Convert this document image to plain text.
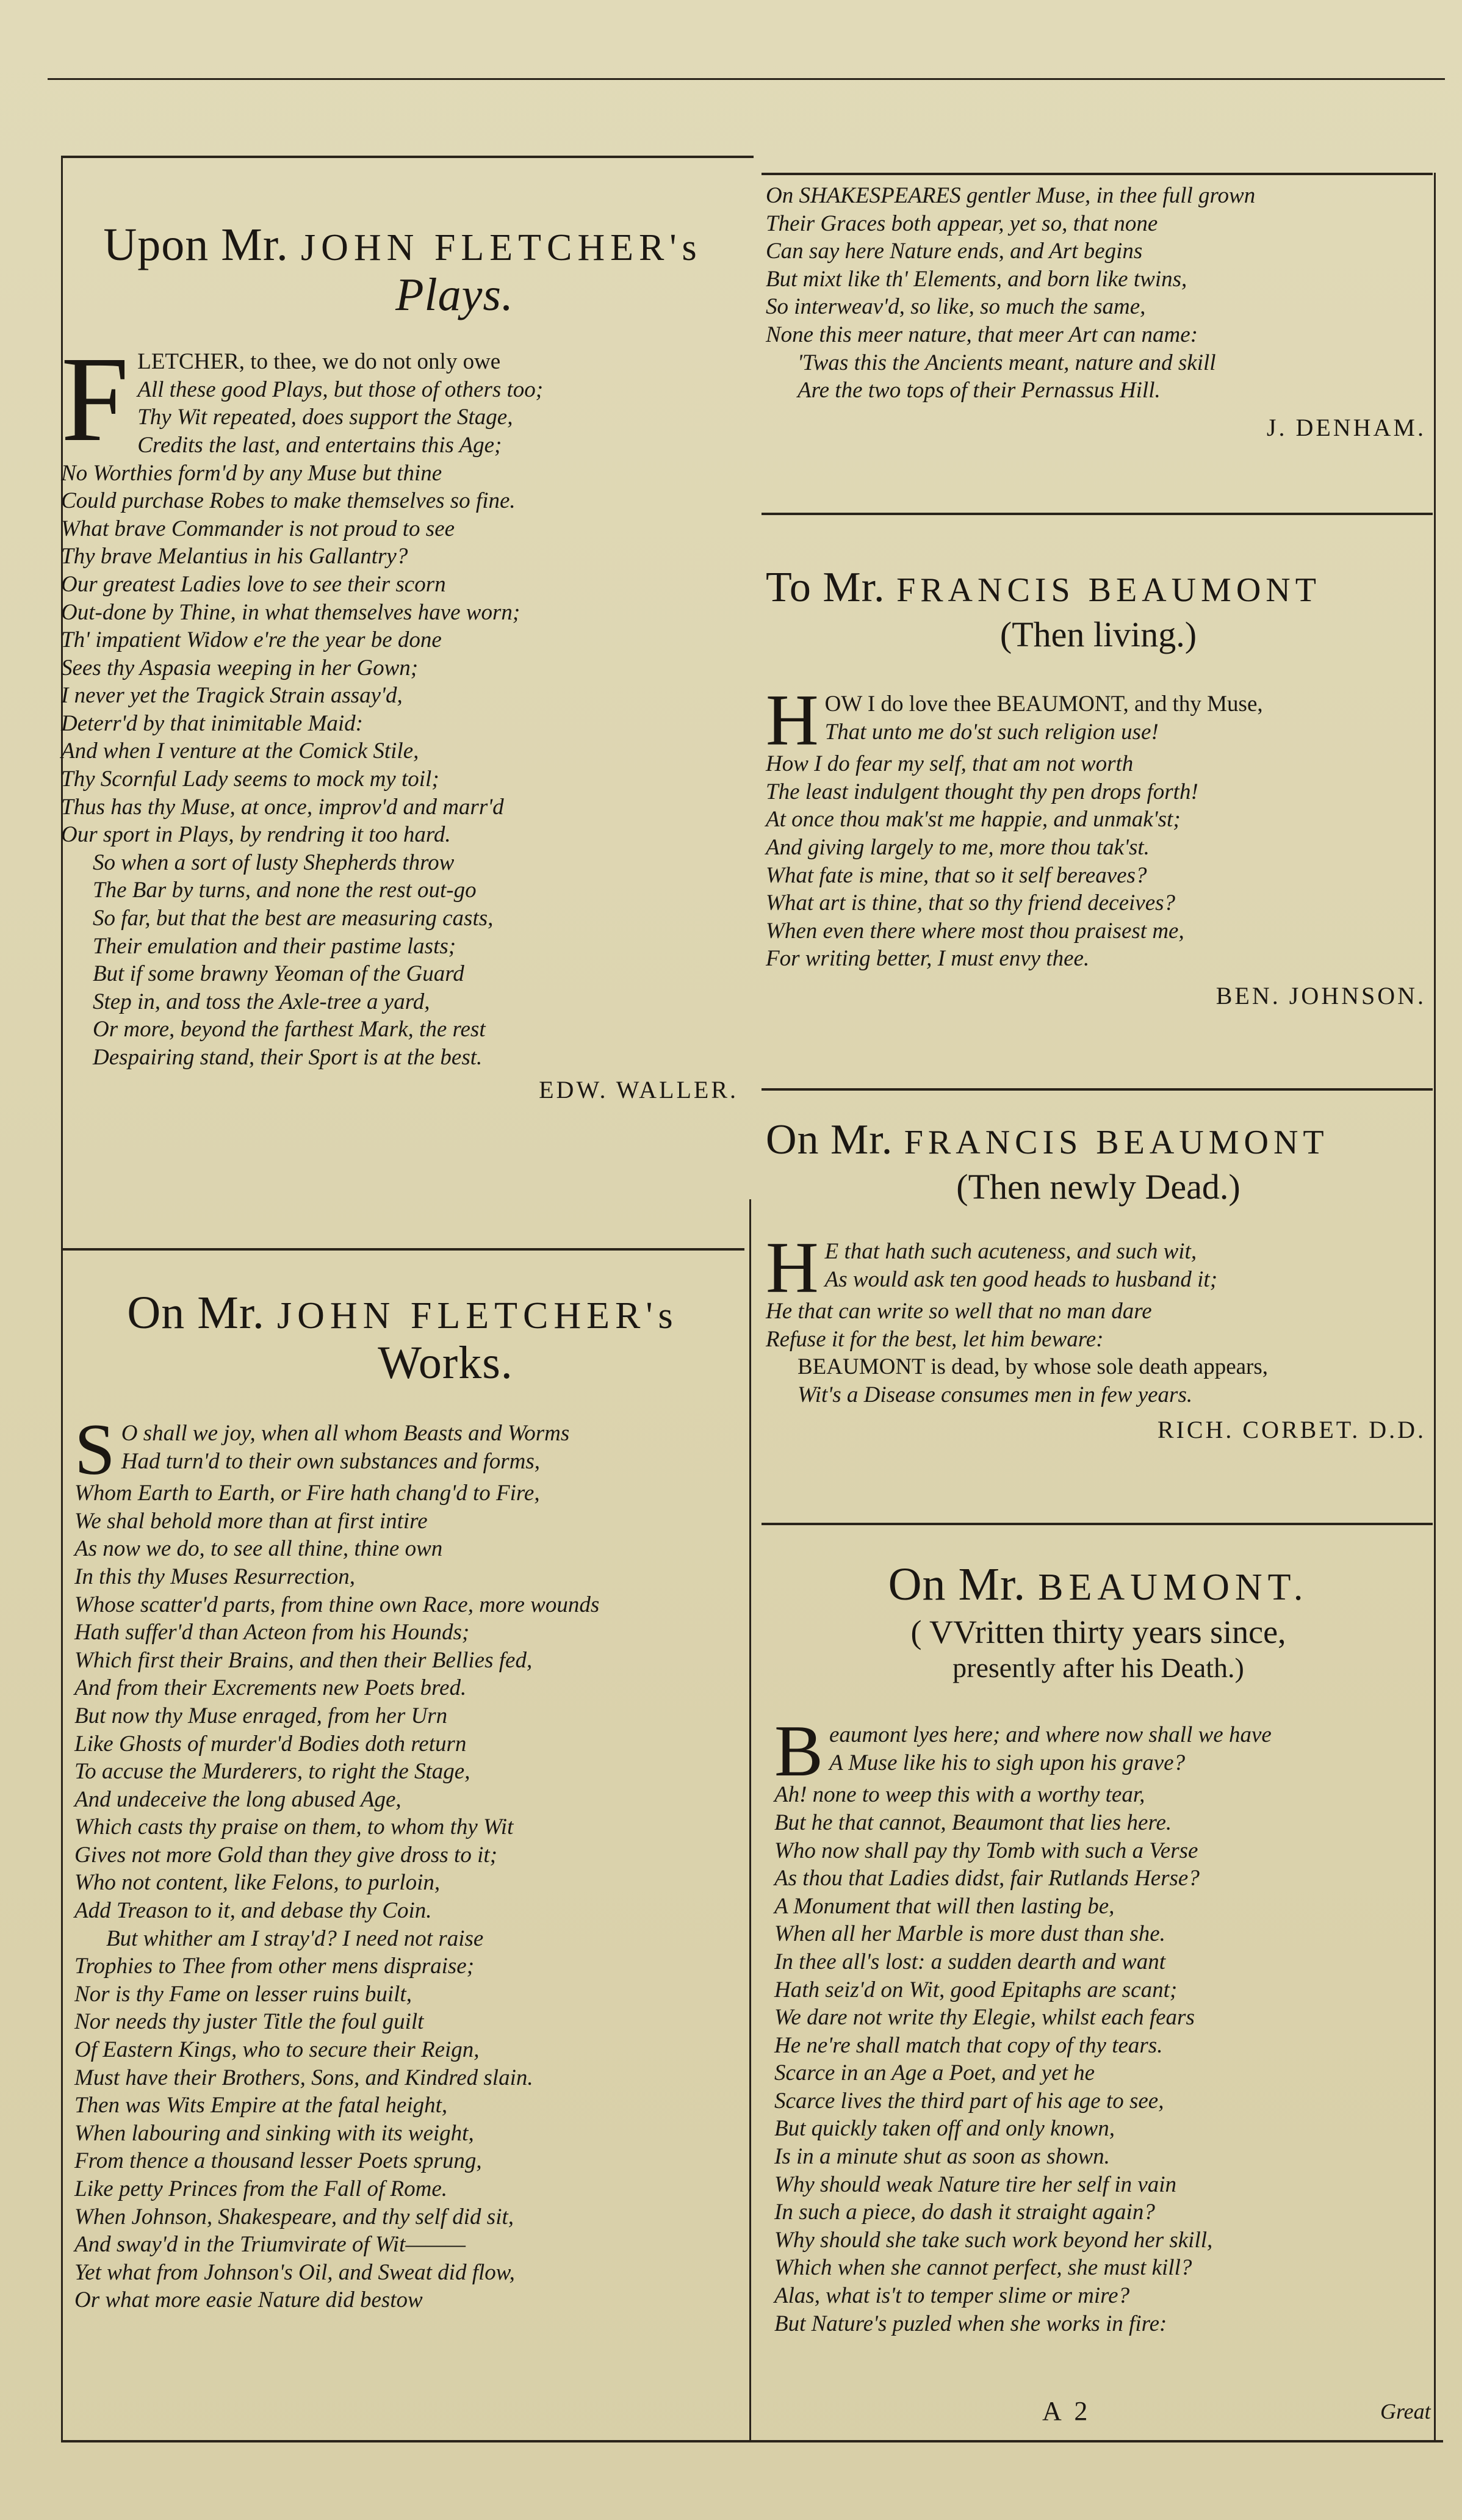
Upon Mr. JOHN FLETCHER's
Plays.
F LETCHER, to thee, we do not only owe
All these good Plays, but those of others too;
Thy Wit repeated, does support the Stage,
Credits the last, and entertains this Age;
No Worthies form'd by any Muse but thine
Could purchase Robes to make themselves so fine.
What brave Commander is not proud to see
Thy brave Melantius in his Gallantry?
Our greatest Ladies love to see their scorn
Out-done by Thine, in what themselves have worn;
Th' impatient Widow e're the year be done
Sees thy Aspasia weeping in her Gown;
I never yet the Tragick Strain assay'd,
Deterr'd by that inimitable Maid:
And when I venture at the Comick Stile,
Thy Scornful Lady seems to mock my toil;
Thus has thy Muse, at once, improv'd and marr'd
Our sport in Plays, by rendring it too hard.
So when a sort of lusty Shepherds throw
The Bar by turns, and none the rest out-go
So far, but that the best are measuring casts,
Their emulation and their pastime lasts;
But if some brawny Yeoman of the Guard
Step in, and toss the Axle-tree a yard,
Or more, beyond the farthest Mark, the rest
Despairing stand, their Sport is at the best.

EDW. WALLER.

On Mr. JOHN FLETCHER's
Works.
S O shall we joy, when all whom Beasts and Worms
Had turn'd to their own substances and forms,
Whom Earth to Earth, or Fire hath chang'd to Fire,
We shal behold more than at first intire
As now we do, to see all thine, thine own
In this thy Muses Resurrection,
Whose scatter'd parts, from thine own Race, more wounds
Hath suffer'd than Acteon from his Hounds;
Which first their Brains, and then their Bellies fed,
And from their Excrements new Poets bred.
But now thy Muse enraged, from her Urn
Like Ghosts of murder'd Bodies doth return
To accuse the Murderers, to right the Stage,
And undeceive the long abused Age,
Which casts thy praise on them, to whom thy Wit
Gives not more Gold than they give dross to it;
Who not content, like Felons, to purloin,
Add Treason to it, and debase thy Coin.
But whither am I stray'd? I need not raise
Trophies to Thee from other mens dispraise;
Nor is thy Fame on lesser ruins built,
Nor needs thy juster Title the foul guilt
Of Eastern Kings, who to secure their Reign,
Must have their Brothers, Sons, and Kindred slain.
Then was Wits Empire at the fatal height,
When labouring and sinking with its weight,
From thence a thousand lesser Poets sprung,
Like petty Princes from the Fall of Rome.
When Johnson, Shakespeare, and thy self did sit,
And sway'd in the Triumvirate of Wit———
Yet what from Johnson's Oil, and Sweat did flow,
Or what more easie Nature did bestow
On SHAKESPEARES gentler Muse, in thee full grown
Their Graces both appear, yet so, that none
Can say here Nature ends, and Art begins
But mixt like th' Elements, and born like twins,
So interweav'd, so like, so much the same,
None this meer nature, that meer Art can name:
'Twas this the Ancients meant, nature and skill
Are the two tops of their Pernassus Hill.

J. DENHAM.

To Mr. FRANCIS BEAUMONT

(Then living.)

H OW I do love thee BEAUMONT, and thy Muse,
That unto me do'st such religion use!
How I do fear my self, that am not worth
The least indulgent thought thy pen drops forth!
At once thou mak'st me happie, and unmak'st;
And giving largely to me, more thou tak'st.
What fate is mine, that so it self bereaves?
What art is thine, that so thy friend deceives?
When even there where most thou praisest me,
For writing better, I must envy thee.

BEN. JOHNSON.

On Mr. FRANCIS BEAUMONT

(Then newly Dead.)

H E that hath such acuteness, and such wit,
As would ask ten good heads to husband it;
He that can write so well that no man dare
Refuse it for the best, let him beware:
BEAUMONT is dead, by whose sole death appears,
Wit's a Disease consumes men in few years.

RICH. CORBET. D.D.

On Mr. BEAUMONT.

( VVritten thirty years since,

presently after his Death.)

B eaumont lyes here; and where now shall we have
A Muse like his to sigh upon his grave?
Ah! none to weep this with a worthy tear,
But he that cannot, Beaumont that lies here.
Who now shall pay thy Tomb with such a Verse
As thou that Ladies didst, fair Rutlands Herse?
A Monument that will then lasting be,
When all her Marble is more dust than she.
In thee all's lost: a sudden dearth and want
Hath seiz'd on Wit, good Epitaphs are scant;
We dare not write thy Elegie, whilst each fears
He ne're shall match that copy of thy tears.
Scarce in an Age a Poet, and yet he
Scarce lives the third part of his age to see,
But quickly taken off and only known,
Is in a minute shut as soon as shown.
Why should weak Nature tire her self in vain
In such a piece, do dash it straight again?
Why should she take such work beyond her skill,
Which when she cannot perfect, she must kill?
Alas, what is't to temper slime or mire?
But Nature's puzled when she works in fire:
A 2	Great
